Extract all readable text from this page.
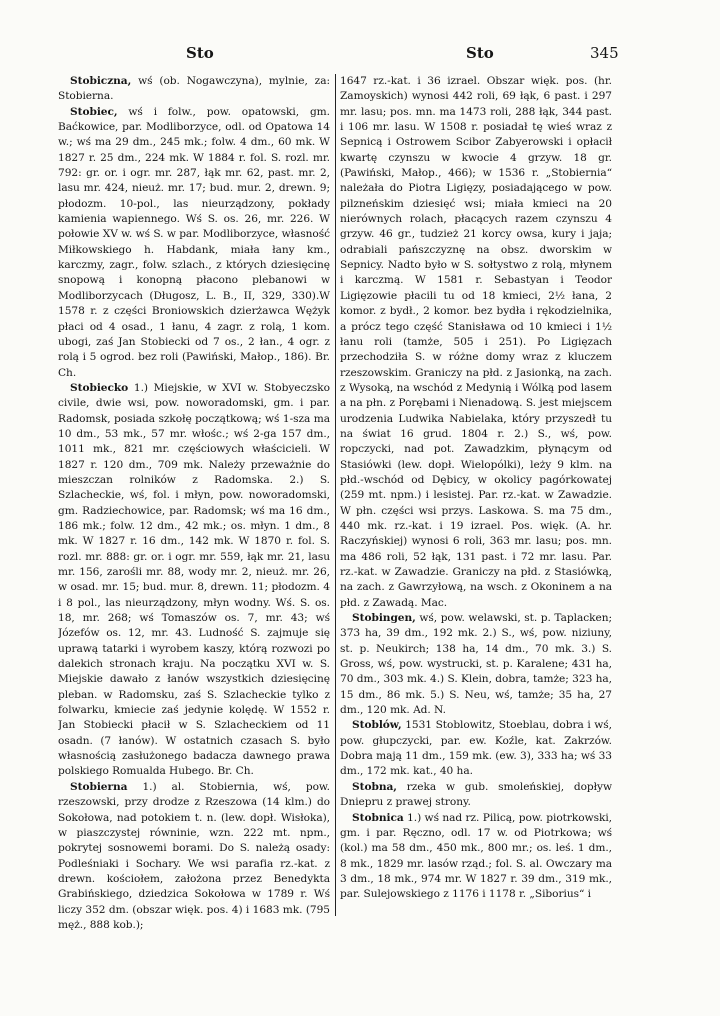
Sto	Sto	345

Stobiczna, wś (ob. Nogawczyna), mylnie, za: Stobierna.

Stobiec, wś i folw., pow. opatowski, gm. Baćkowice, par. Modliborzyce, odl. od Opatowa 14 w.; wś ma 29 dm., 245 mk.; folw. 4 dm., 60 mk. W 1827 r. 25 dm., 224 mk. W 1884 r. fol. S. rozl. mr. 792: gr. or. i ogr. mr. 287, łąk mr. 62, past. mr. 2, lasu mr. 424, nieuż. mr. 17; bud. mur. 2, drewn. 9; płodozm. 10-pol., las nieurządzony, pokłady kamienia wapiennego. Wś S. os. 26, mr. 226. W połowie XV w. wś S. w par. Modliborzyce, własność Miłkowskiego h. Habdank, miała łany km., karczmy, zagr., folw. szlach., z których dziesięcinę snopową i konopną płacono plebanowi w Modliborzycach (Długosz, L. B., II, 329, 330).W 1578 r. z części Broniowskich dzierżawca Wężyk płaci od 4 osad., 1 łanu, 4 zagr. z rolą, 1 kom. ubogi, zaś Jan Stobiecki od 7 os., 2 łan., 4 ogr. z rolą i 5 ogrod. bez roli (Pawiński, Małop., 186). Br. Ch.

Stobiecko 1.) Miejskie, w XVI w. Stobyeczsko civile, dwie wsi, pow. noworadomski, gm. i par. Radomsk, posiada szkołę początkową; wś 1-sza ma 10 dm., 53 mk., 57 mr. włośc.; wś 2-ga 157 dm., 1011 mk., 821 mr. częściowych właścicieli. W 1827 r. 120 dm., 709 mk. Należy przeważnie do mieszczan rolników z Radomska. 2.) S. Szlacheckie, wś, fol. i młyn, pow. noworadomski, gm. Radziechowice, par. Radomsk; wś ma 16 dm., 186 mk.; folw. 12 dm., 42 mk.; os. młyn. 1 dm., 8 mk. W 1827 r. 16 dm., 142 mk. W 1870 r. fol. S. rozl. mr. 888: gr. or. i ogr. mr. 559, łąk mr. 21, lasu mr. 156, zarośli mr. 88, wody mr. 2, nieuż. mr. 26, w osad. mr. 15; bud. mur. 8, drewn. 11; płodozm. 4 i 8 pol., las nieurządzony, młyn wodny. Wś. S. os. 18, mr. 268; wś Tomaszów os. 7, mr. 43; wś Józefów os. 12, mr. 43. Ludność S. zajmuje się uprawą tatarki i wyrobem kaszy, którą rozwozi po dalekich stronach kraju. Na początku XVI w. S. Miejskie dawało z łanów wszystkich dziesięcinę pleban. w Radomsku, zaś S. Szlacheckie tylko z folwarku, kmiecie zaś jedynie kolędę. W 1552 r. Jan Stobiecki płacił w S. Szlacheckiem od 11 osadn. (7 łanów). W ostatnich czasach S. było własnością zasłużonego badacza dawnego prawa polskiego Romualda Hubego. Br. Ch.

Stobierna 1.) al. Stobiernia, wś, pow. rzeszowski, przy drodze z Rzeszowa (14 klm.) do Sokołowa, nad potokiem t. n. (lew. dopł. Wisłoka), w piaszczystej równinie, wzn. 222 mt. npm., pokrytej sosnowemi borami. Do S. należą osady: Podleśniaki i Sochary. We wsi parafia rz.-kat. z drewn. kościołem, założona przez Benedykta Grabińskiego, dziedzica Sokołowa w 1789 r. Wś liczy 352 dm. (obszar więk. pos. 4) i 1683 mk. (795 męż., 888 kob.);

1647 rz.-kat. i 36 izrael. Obszar więk. pos. (hr. Zamoyskich) wynosi 442 roli, 69 łąk, 6 past. i 297 mr. lasu; pos. mn. ma 1473 roli, 288 łąk, 344 past. i 106 mr. lasu. W 1508 r. posiadał tę wieś wraz z Sepnicą i Ostrowem Scibor Zabyerowski i opłacił kwartę czynszu w kwocie 4 grzyw. 18 gr. (Pawiński, Małop., 466); w 1536 r. „Stobiernia“ należała do Piotra Ligięzy, posiadającego w pow. pilzneńskim dziesięć wsi; miała kmieci na 20 nierównych rolach, płacących razem czynszu 4 grzyw. 46 gr., tudzież 21 korcy owsa, kury i jaja; odrabiali pańszczyznę na obsz. dworskim w Sepnicy. Nadto było w S. sołtystwo z rolą, młynem i karczmą. W 1581 r. Sebastyan i Teodor Ligięzowie płacili tu od 18 kmieci, 2½ łana, 2 komor. z bydł., 2 komor. bez bydła i rękodzielnika, a prócz tego część Stanisława od 10 kmieci i 1½ łanu roli (tamże, 505 i 251). Po Ligięzach przechodziła S. w różne domy wraz z kluczem rzeszowskim. Graniczy na płd. z Jasionką, na zach. z Wysoką, na wschód z Medynią i Wólką pod lasem a na płn. z Porębami i Nienadową. S. jest miejscem urodzenia Ludwika Nabielaka, który przyszedł tu na świat 16 grud. 1804 r. 2.) S., wś, pow. ropczycki, nad pot. Zawadzkim, płynącym od Stasiówki (lew. dopł. Wielopólki), leży 9 klm. na płd.-wschód od Dębicy, w okolicy pagórkowatej (259 mt. npm.) i lesistej. Par. rz.-kat. w Zawadzie. W płn. części wsi przys. Laskowa. S. ma 75 dm., 440 mk. rz.-kat. i 19 izrael. Pos. więk. (A. hr. Raczyńskiej) wynosi 6 roli, 363 mr. lasu; pos. mn. ma 486 roli, 52 łąk, 131 past. i 72 mr. lasu. Par. rz.-kat. w Zawadzie. Graniczy na płd. z Stasiówką, na zach. z Gawrzyłową, na wsch. z Okoninem a na płd. z Zawadą. Mac.

Stobingen, wś, pow. welawski, st. p. Taplacken; 373 ha, 39 dm., 192 mk. 2.) S., wś, pow. niziuny, st. p. Neukirch; 138 ha, 14 dm., 70 mk. 3.) S. Gross, wś, pow. wystrucki, st. p. Karalene; 431 ha, 70 dm., 303 mk. 4.) S. Klein, dobra, tamże; 323 ha, 15 dm., 86 mk. 5.) S. Neu, wś, tamże; 35 ha, 27 dm., 120 mk. Ad. N.

Stoblów, 1531 Stoblowitz, Stoeblau, dobra i wś, pow. głupczycki, par. ew. Koźle, kat. Zakrzów. Dobra mają 11 dm., 159 mk. (ew. 3), 333 ha; wś 33 dm., 172 mk. kat., 40 ha.

Stobna, rzeka w gub. smoleńskiej, dopływ Dniepru z prawej strony.

Stobnica 1.) wś nad rz. Pilicą, pow. piotrkowski, gm. i par. Ręczno, odl. 17 w. od Piotrkowa; wś (kol.) ma 58 dm., 450 mk., 800 mr.; os. leś. 1 dm., 8 mk., 1829 mr. lasów rząd.; fol. S. al. Owczary ma 3 dm., 18 mk., 974 mr. W 1827 r. 39 dm., 319 mk., par. Sulejowskiego z 1176 i 1178 r. „Siborius“ i
